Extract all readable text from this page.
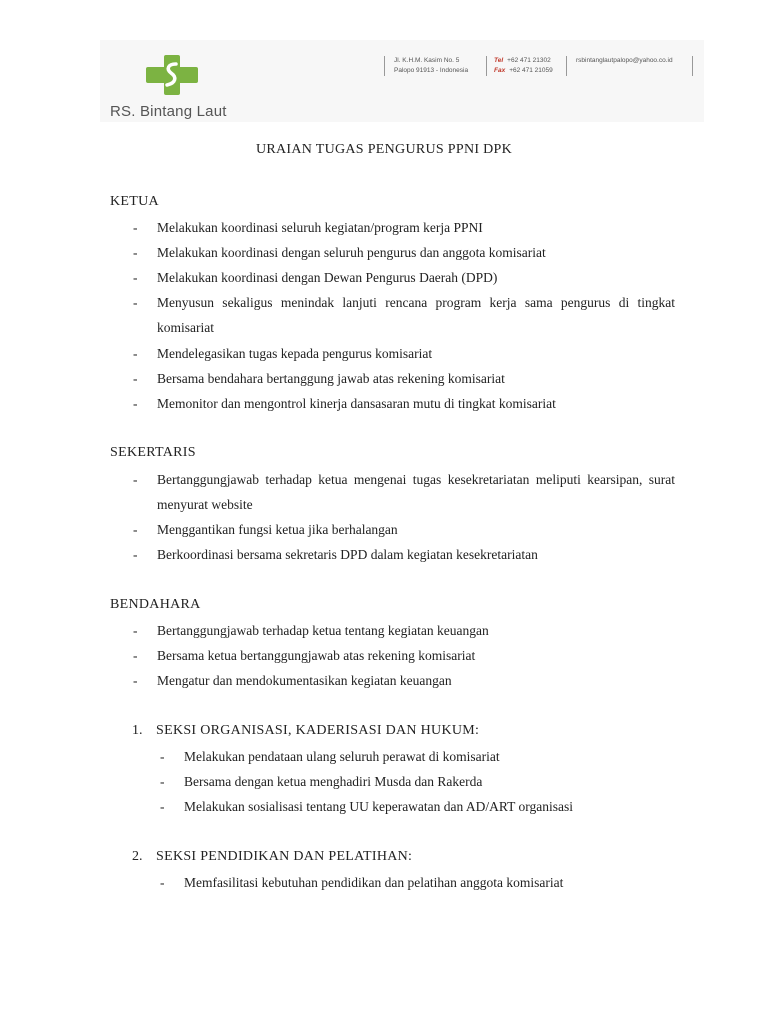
RS. Bintang Laut
Jl. K.H.M. Kasim No. 5
Palopo 91913 - Indonesia
Tel +62 471 21302
Fax +62 471 21059
rsbintanglautpalopo@yahoo.co.id
URAIAN TUGAS PENGURUS PPNI DPK
KETUA
- Melakukan koordinasi seluruh kegiatan/program kerja PPNI
- Melakukan koordinasi dengan seluruh pengurus dan anggota komisariat
- Melakukan koordinasi dengan Dewan Pengurus Daerah (DPD)
- Menyusun sekaligus menindak lanjuti rencana program kerja sama pengurus di tingkat komisariat
- Mendelegasikan tugas kepada pengurus komisariat
- Bersama bendahara bertanggung jawab atas rekening komisariat
- Memonitor dan mengontrol kinerja dansasaran mutu di tingkat komisariat
SEKERTARIS
- Bertanggungjawab terhadap ketua mengenai tugas kesekretariatan meliputi kearsipan, surat menyurat website
- Menggantikan fungsi ketua jika berhalangan
- Berkoordinasi bersama sekretaris DPD dalam kegiatan kesekretariatan
BENDAHARA
- Bertanggungjawab terhadap ketua tentang kegiatan keuangan
- Bersama ketua bertanggungjawab atas rekening komisariat
- Mengatur dan mendokumentasikan kegiatan keuangan
1. SEKSI ORGANISASI, KADERISASI DAN HUKUM:
- Melakukan pendataan ulang seluruh perawat di komisariat
- Bersama dengan ketua menghadiri Musda dan Rakerda
- Melakukan sosialisasi tentang UU keperawatan dan AD/ART organisasi
2. SEKSI PENDIDIKAN DAN PELATIHAN:
- Memfasilitasi kebutuhan pendidikan dan pelatihan anggota komisariat
